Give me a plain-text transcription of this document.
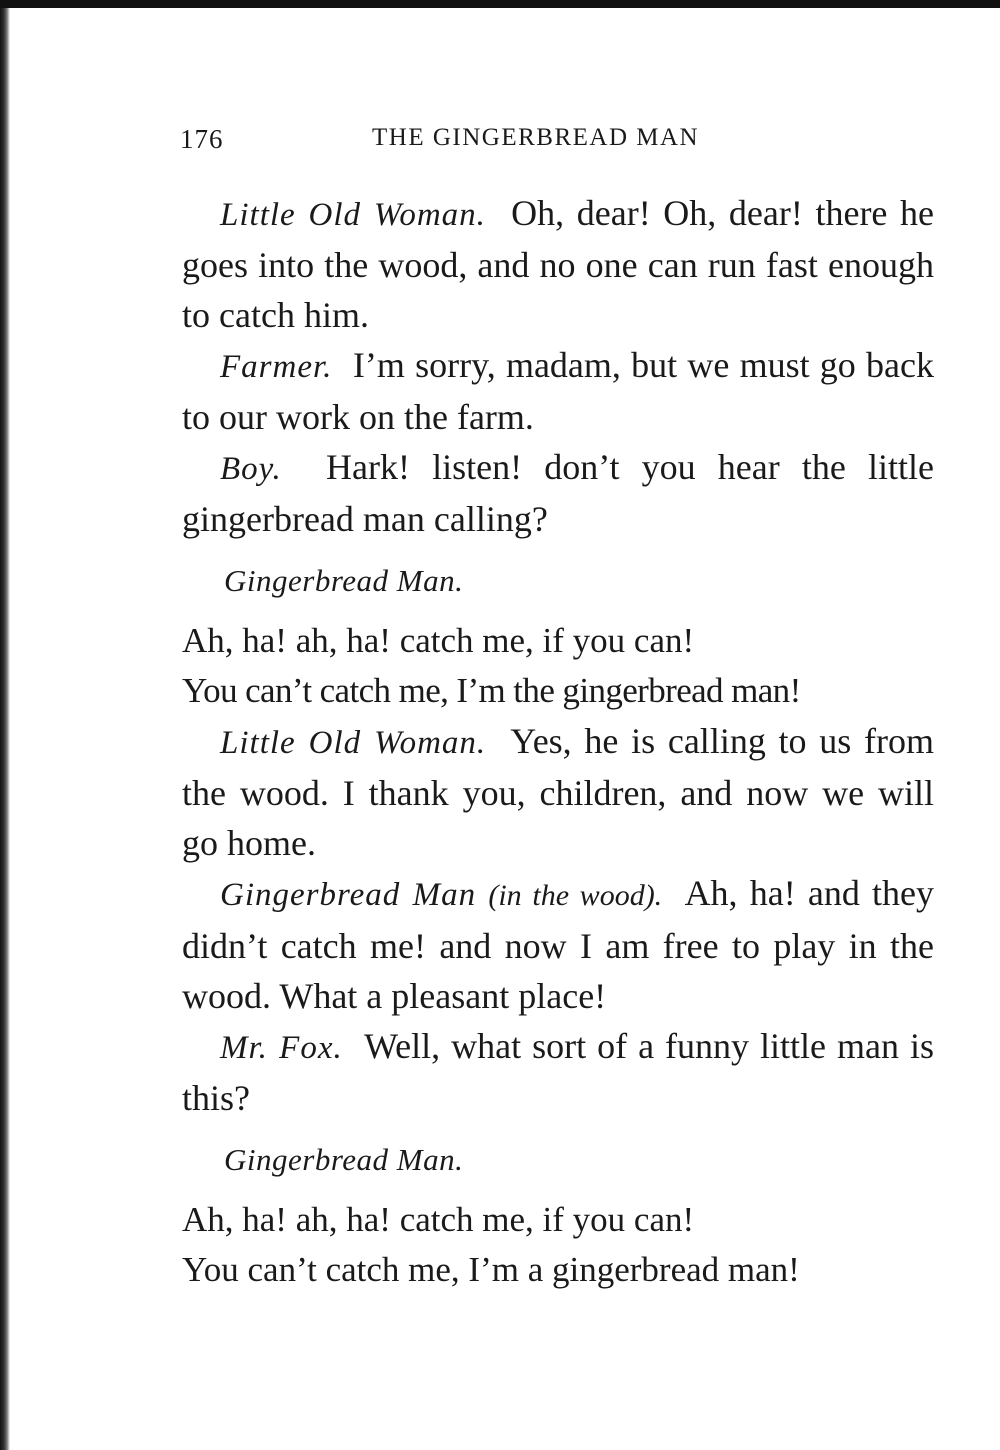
176	THE GINGERBREAD MAN

Little Old Woman. Oh, dear! Oh, dear! there he goes into the wood, and no one can run fast enough to catch him.

Farmer. I’m sorry, madam, but we must go back to our work on the farm.

Boy. Hark! listen! don’t you hear the little gingerbread man calling?

Gingerbread Man.

Ah, ha! ah, ha! catch me, if you can!
You can’t catch me, I’m the gingerbread man!

Little Old Woman. Yes, he is calling to us from the wood. I thank you, children, and now we will go home.

Gingerbread Man (in the wood). Ah, ha! and they didn’t catch me! and now I am free to play in the wood. What a pleasant place!

Mr. Fox. Well, what sort of a funny little man is this?

Gingerbread Man.

Ah, ha! ah, ha! catch me, if you can!
You can’t catch me, I’m a gingerbread man!
